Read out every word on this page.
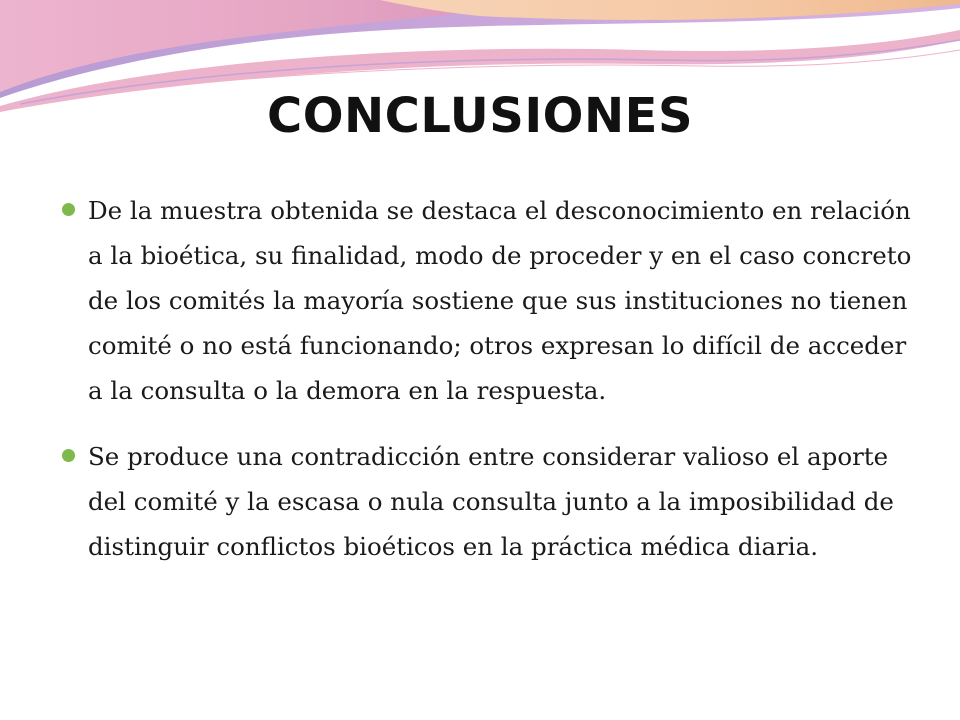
CONCLUSIONES
De la muestra obtenida se destaca el desconocimiento en relación a la bioética, su finalidad, modo de proceder y en el caso concreto de los comités la mayoría sostiene que sus instituciones no tienen comité o no está funcionando; otros expresan lo difícil de acceder a la consulta o la demora en la respuesta.
Se produce una contradicción entre considerar valioso el aporte del comité y la escasa o nula consulta junto a la imposibilidad de distinguir conflictos bioéticos en la práctica médica diaria.
